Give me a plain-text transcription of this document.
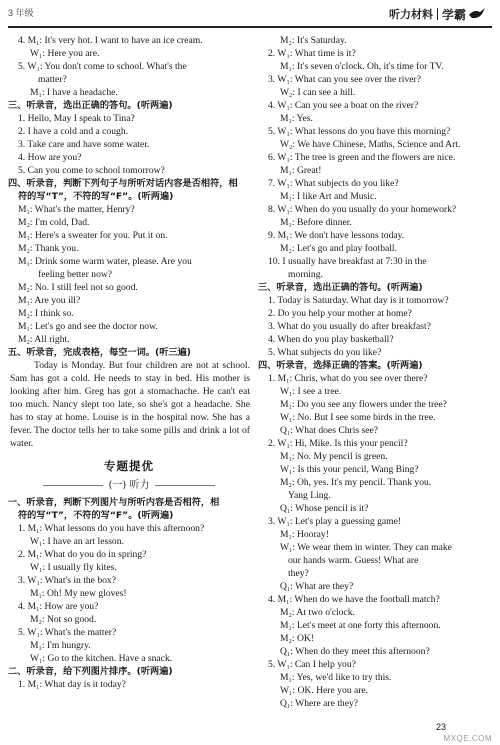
3 年级	听力材料 学霸
4. M₁: It's very hot. I want to have an ice cream.
W₁: Here you are.
5. W₁: You don't come to school. What's the
matter?
M₁: I have a headache.
三、听录音，选出正确的答句。(听两遍)
1. Hello, May I speak to Tina?
2. I have a cold and a cough.
3. Take care and have some water.
4. How are you?
5. Can you come to school tomorrow?
四、听录音，判断下列句子与所听对话内容是否相符，相
符的写“T”，不符的写“F”。(听两遍)
M₁: What's the matter, Henry?
M₂: I'm cold, Dad.
M₁: Here's a sweater for you. Put it on.
M₂: Thank you.
M₁: Drink some warm water, please. Are you
feeling better now?
M₂: No. I still feel not so good.
M₁: Are you ill?
M₂: I think so.
M₁: Let's go and see the doctor now.
M₂: All right.
五、听录音，完成表格，每空一词。(听三遍)
Today is Monday. But four children are not at school. Sam has got a cold. He needs to stay in bed. His mother is looking after him. Greg has got a stomachache. He can't eat too much. Nancy slept too late, so she's got a headache. She has to stay at home. Louise is in the hospital now. She has a fever. The doctor tells her to take some pills and drink a lot of water.
专题提优
(一) 听力
一、听录音，判断下列图片与所听内容是否相符，相
符的写“T”，不符的写“F”。(听两遍)
1. M₁: What lessons do you have this afternoon?
W₁: I have an art lesson.
2. M₁: What do you do in spring?
W₁: I usually fly kites.
3. W₁: What's in the box?
M₁: Oh! My new gloves!
4. M₁: How are you?
M₂: Not so good.
5. W₁: What's the matter?
M₁: I'm hungry.
W₁: Go to the kitchen. Have a snack.
二、听录音，给下列图片排序。(听两遍)
1. M₁: What day is it today?
M₂: It's Saturday.
2. W₁: What time is it?
M₁: It's seven o'clock. Oh, it's time for TV.
3. W₁: What can you see over the river?
W₂: I can see a hill.
4. W₁: Can you see a boat on the river?
M₁: Yes.
5. W₁: What lessons do you have this morning?
W₂: We have Chinese, Maths, Science and Art.
6. W₁: The tree is green and the flowers are nice.
M₁: Great!
7. W₁: What subjects do you like?
M₁: I like Art and Music.
8. W₁: When do you usually do your homework?
M₁: Before dinner.
9. M₁: We don't have lessons today.
M₂: Let's go and play football.
10. I usually have breakfast at 7:30 in the
morning.
三、听录音，选出正确的答句。(听两遍)
1. Today is Saturday. What day is it tomorrow?
2. Do you help your mother at home?
3. What do you usually do after breakfast?
4. When do you play basketball?
5. What subjects do you like?
四、听录音，选择正确的答案。(听两遍)
1. M₁: Chris, what do you see over there?
W₁: I see a tree.
M₁: Do you see any flowers under the tree?
W₁: No. But I see some birds in the tree.
Q₁: What does Chris see?
2. W₁: Hi, Mike. Is this your pencil?
M₁: No. My pencil is green.
W₁: Is this your pencil, Wang Bing?
M₂: Oh, yes. It's my pencil. Thank you.
Yang Ling.
Q₁: Whose pencil is it?
3. W₁: Let's play a guessing game!
M₁: Hooray!
W₁: We wear them in winter. They can make
our hands warm. Guess! What are
they?
Q₁: What are they?
4. M₁: When do we have the football match?
M₂: At two o'clock.
M₁: Let's meet at one forty this afternoon.
M₂: OK!
Q₁: When do they meet this afternoon?
5. W₁: Can I help you?
M₁: Yes, we'd like to try this.
W₁: OK. Here you are.
Q₁: Where are they?
23
MXQE.COM
